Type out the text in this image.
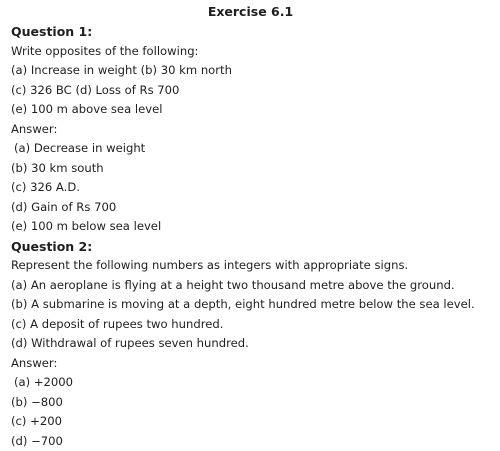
Exercise 6.1
Question 1:
Write opposites of the following:
(a) Increase in weight (b) 30 km north
(c) 326 BC (d) Loss of Rs 700
(e) 100 m above sea level
Answer:
(a) Decrease in weight
(b) 30 km south
(c) 326 A.D.
(d) Gain of Rs 700
(e) 100 m below sea level
Question 2:
Represent the following numbers as integers with appropriate signs.
(a) An aeroplane is flying at a height two thousand metre above the ground.
(b) A submarine is moving at a depth, eight hundred metre below the sea level.
(c) A deposit of rupees two hundred.
(d) Withdrawal of rupees seven hundred.
Answer:
(a) +2000
(b) −800
(c) +200
(d) −700
